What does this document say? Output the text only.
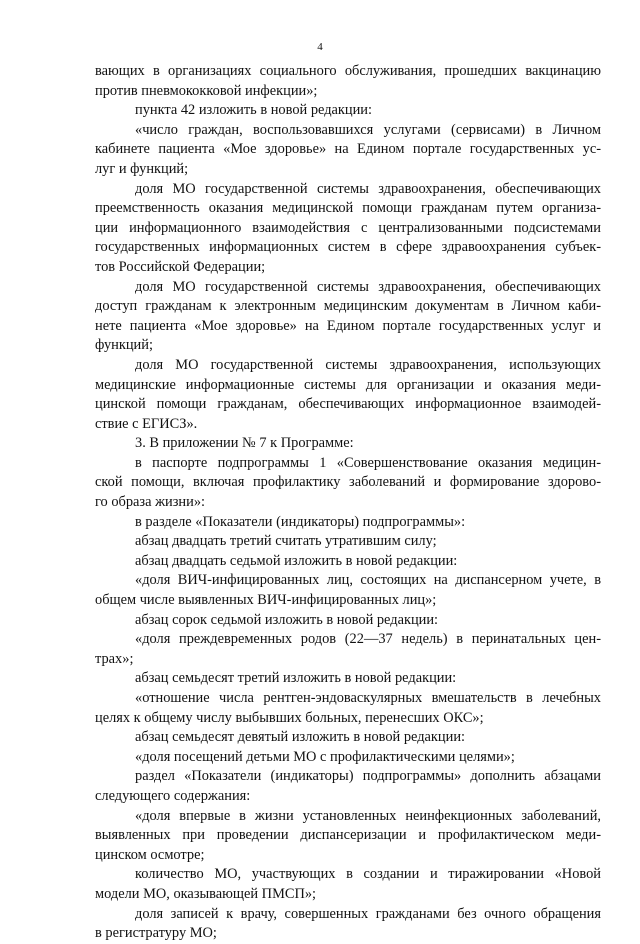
4
вающих в организациях социального обслуживания, прошедших вакцинацию
против пневмококковой инфекции»;
пункта 42 изложить в новой редакции:
«число граждан, воспользовавшихся услугами (сервисами) в Личном
кабинете пациента «Мое здоровье» на Едином портале государственных ус-
луг и функций;
доля МО государственной системы здравоохранения, обеспечивающих
преемственность оказания медицинской помощи гражданам путем организа-
ции информационного взаимодействия с централизованными подсистемами
государственных информационных систем в сфере здравоохранения субъек-
тов Российской Федерации;
доля МО государственной системы здравоохранения, обеспечивающих
доступ гражданам к электронным медицинским документам в Личном каби-
нете пациента «Мое здоровье» на Едином портале государственных услуг и
функций;
доля МО государственной системы здравоохранения, использующих
медицинские информационные системы для организации и оказания меди-
цинской помощи гражданам, обеспечивающих информационное взаимодей-
ствие с ЕГИСЗ».
3. В приложении № 7 к Программе:
в паспорте подпрограммы 1 «Совершенствование оказания медицин-
ской помощи, включая профилактику заболеваний и формирование здорово-
го образа жизни»:
в разделе «Показатели (индикаторы) подпрограммы»:
абзац двадцать третий считать утратившим силу;
абзац двадцать седьмой изложить в новой редакции:
«доля ВИЧ-инфицированных лиц, состоящих на диспансерном учете, в
общем числе выявленных ВИЧ-инфицированных лиц»;
абзац сорок седьмой изложить в новой редакции:
«доля преждевременных родов (22—37 недель) в перинатальных цен-
трах»;
абзац семьдесят третий изложить в новой редакции:
«отношение числа рентген-эндоваскулярных вмешательств в лечебных
целях к общему числу выбывших больных, перенесших ОКС»;
абзац семьдесят девятый изложить в новой редакции:
«доля посещений детьми МО с профилактическими целями»;
раздел «Показатели (индикаторы) подпрограммы» дополнить абзацами
следующего содержания:
«доля впервые в жизни установленных неинфекционных заболеваний,
выявленных при проведении диспансеризации и профилактическом меди-
цинском осмотре;
количество МО, участвующих в создании и тиражировании «Новой
модели МО, оказывающей ПМСП»;
доля записей к врачу, совершенных гражданами без очного обращения
в регистратуру МО;
